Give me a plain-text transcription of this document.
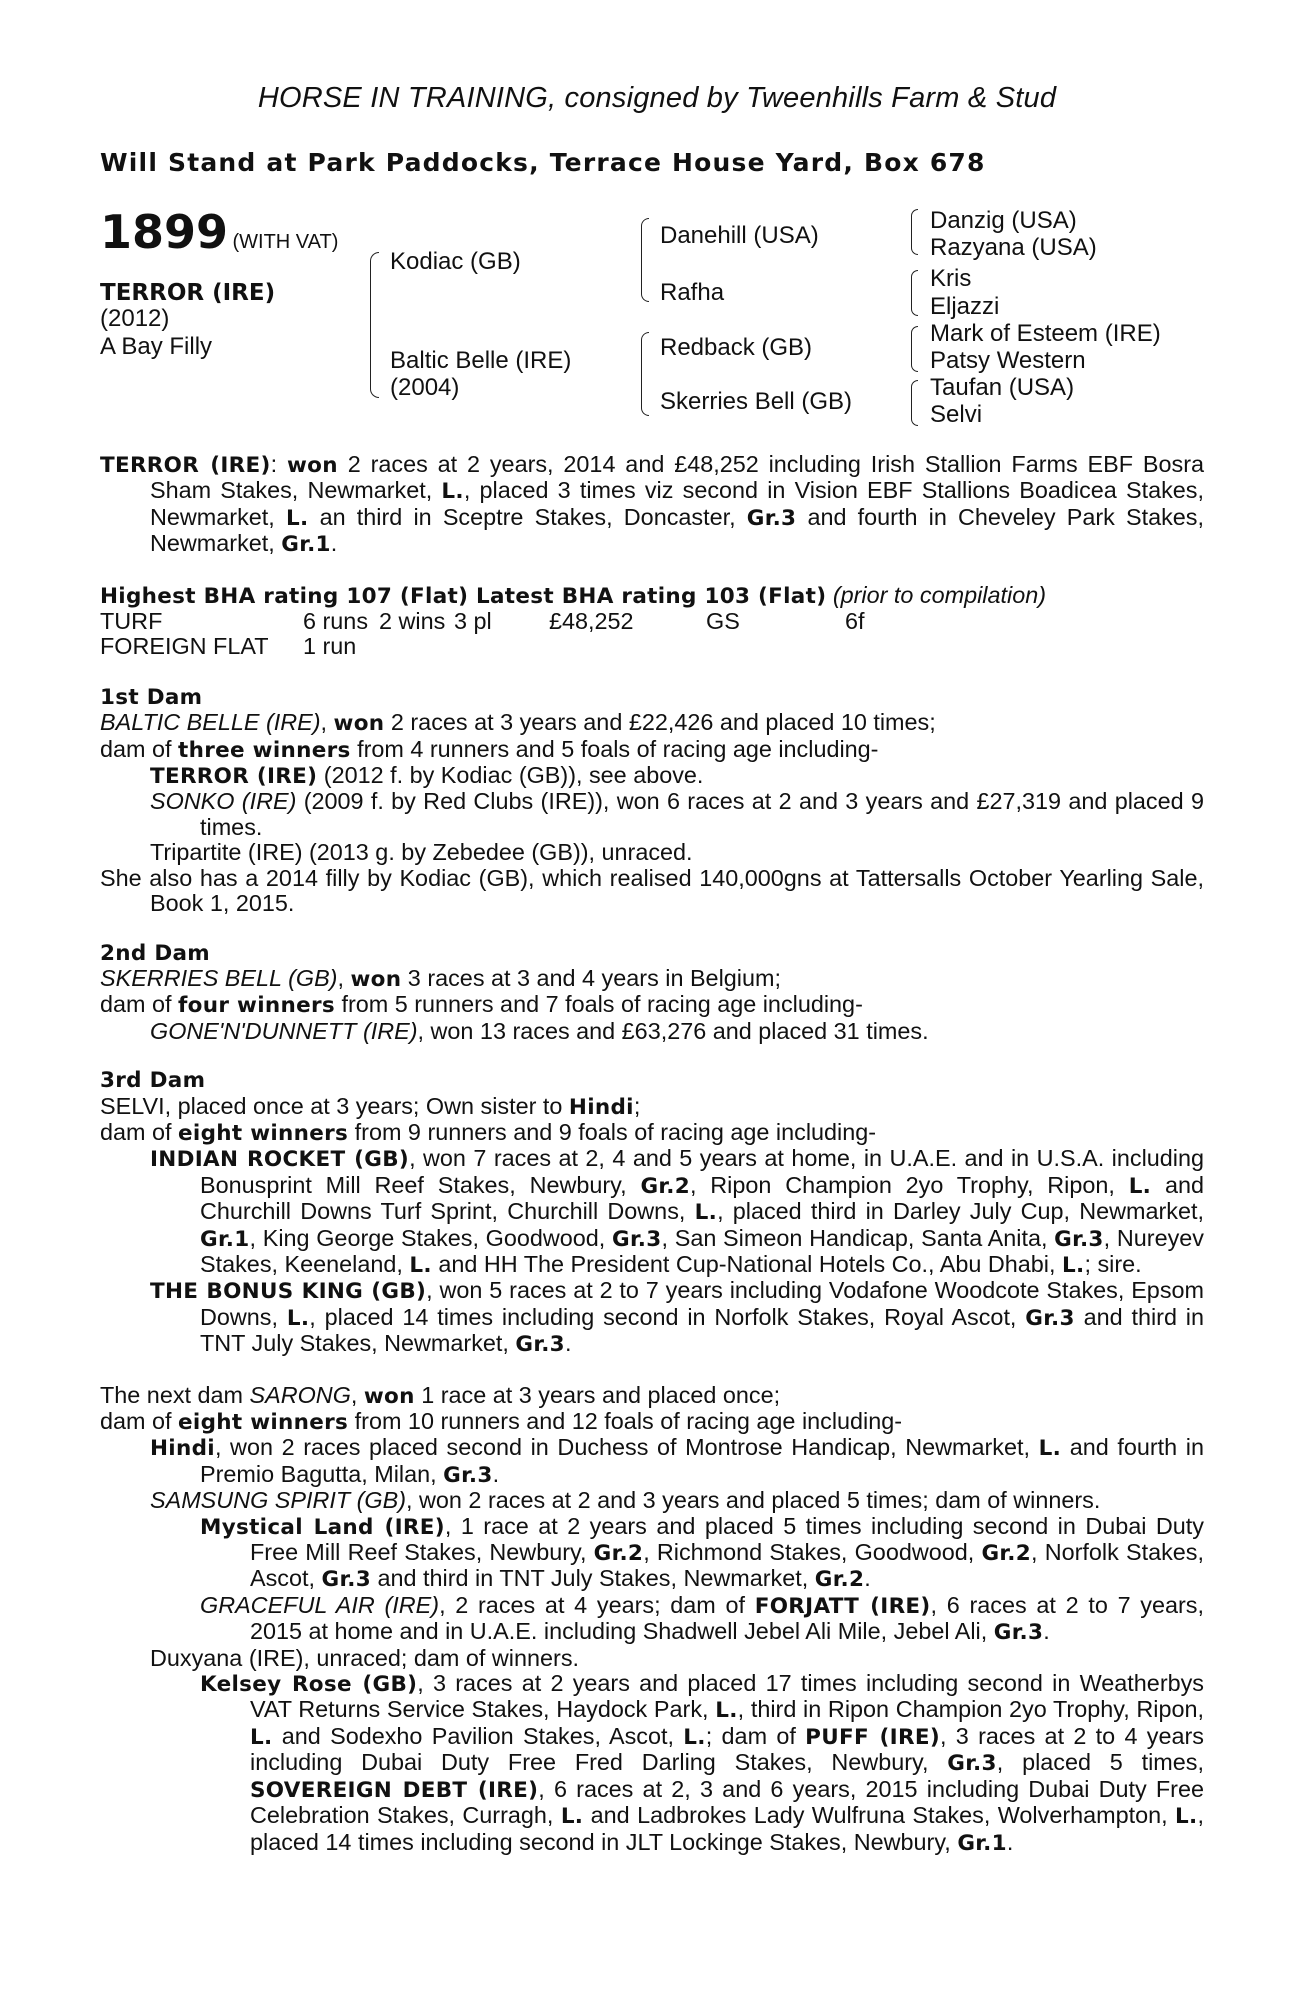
HORSE IN TRAINING, consigned by Tweenhills Farm & Stud
Will Stand at Park Paddocks, Terrace House Yard, Box 678
1899 (WITH VAT)
TERROR (IRE)
(2012)
A Bay Filly
Kodiac (GB)
Baltic Belle (IRE)
(2004)
Danehill (USA)
Rafha
Redback (GB)
Skerries Bell (GB)
Danzig (USA)
Razyana (USA)
Kris
Eljazzi
Mark of Esteem (IRE)
Patsy Western
Taufan (USA)
Selvi

TERROR (IRE): won 2 races at 2 years, 2014 and £48,252 including Irish Stallion Farms EBF Bosra Sham Stakes, Newmarket, L., placed 3 times viz second in Vision EBF Stallions Boadicea Stakes, Newmarket, L. an third in Sceptre Stakes, Doncaster, Gr.3 and fourth in Cheveley Park Stakes, Newmarket, Gr.1.

Highest BHA rating 107 (Flat) Latest BHA rating 103 (Flat) (prior to compilation)

TURF	6 runs 2 wins 3 pl £48,252	GS	6f
FOREIGN FLAT 1 run

1st Dam

BALTIC BELLE (IRE), won 2 races at 3 years and £22,426 and placed 10 times;

dam of three winners from 4 runners and 5 foals of racing age including-

TERROR (IRE) (2012 f. by Kodiac (GB)), see above.

SONKO (IRE) (2009 f. by Red Clubs (IRE)), won 6 races at 2 and 3 years and £27,319 and placed 9 times.

Tripartite (IRE) (2013 g. by Zebedee (GB)), unraced.

She also has a 2014 filly by Kodiac (GB), which realised 140,000gns at Tattersalls October Yearling Sale, Book 1, 2015.

2nd Dam

SKERRIES BELL (GB), won 3 races at 3 and 4 years in Belgium;

dam of four winners from 5 runners and 7 foals of racing age including-

GONE'N'DUNNETT (IRE), won 13 races and £63,276 and placed 31 times.

3rd Dam

SELVI, placed once at 3 years; Own sister to Hindi;

dam of eight winners from 9 runners and 9 foals of racing age including-

INDIAN ROCKET (GB), won 7 races at 2, 4 and 5 years at home, in U.A.E. and in U.S.A. including Bonusprint Mill Reef Stakes, Newbury, Gr.2, Ripon Champion 2yo Trophy, Ripon, L. and Churchill Downs Turf Sprint, Churchill Downs, L., placed third in Darley July Cup, Newmarket, Gr.1, King George Stakes, Goodwood, Gr.3, San Simeon Handicap, Santa Anita, Gr.3, Nureyev Stakes, Keeneland, L. and HH The President Cup-National Hotels Co., Abu Dhabi, L.; sire.

THE BONUS KING (GB), won 5 races at 2 to 7 years including Vodafone Woodcote Stakes, Epsom Downs, L., placed 14 times including second in Norfolk Stakes, Royal Ascot, Gr.3 and third in TNT July Stakes, Newmarket, Gr.3.

The next dam SARONG, won 1 race at 3 years and placed once;

dam of eight winners from 10 runners and 12 foals of racing age including-

Hindi, won 2 races placed second in Duchess of Montrose Handicap, Newmarket, L. and fourth in Premio Bagutta, Milan, Gr.3.

SAMSUNG SPIRIT (GB), won 2 races at 2 and 3 years and placed 5 times; dam of winners.

Mystical Land (IRE), 1 race at 2 years and placed 5 times including second in Dubai Duty Free Mill Reef Stakes, Newbury, Gr.2, Richmond Stakes, Goodwood, Gr.2, Norfolk Stakes, Ascot, Gr.3 and third in TNT July Stakes, Newmarket, Gr.2.

GRACEFUL AIR (IRE), 2 races at 4 years; dam of FORJATT (IRE), 6 races at 2 to 7 years, 2015 at home and in U.A.E. including Shadwell Jebel Ali Mile, Jebel Ali, Gr.3.

Duxyana (IRE), unraced; dam of winners.

Kelsey Rose (GB), 3 races at 2 years and placed 17 times including second in Weatherbys VAT Returns Service Stakes, Haydock Park, L., third in Ripon Champion 2yo Trophy, Ripon, L. and Sodexho Pavilion Stakes, Ascot, L.; dam of PUFF (IRE), 3 races at 2 to 4 years including Dubai Duty Free Fred Darling Stakes, Newbury, Gr.3, placed 5 times, SOVEREIGN DEBT (IRE), 6 races at 2, 3 and 6 years, 2015 including Dubai Duty Free Celebration Stakes, Curragh, L. and Ladbrokes Lady Wulfruna Stakes, Wolverhampton, L., placed 14 times including second in JLT Lockinge Stakes, Newbury, Gr.1.
